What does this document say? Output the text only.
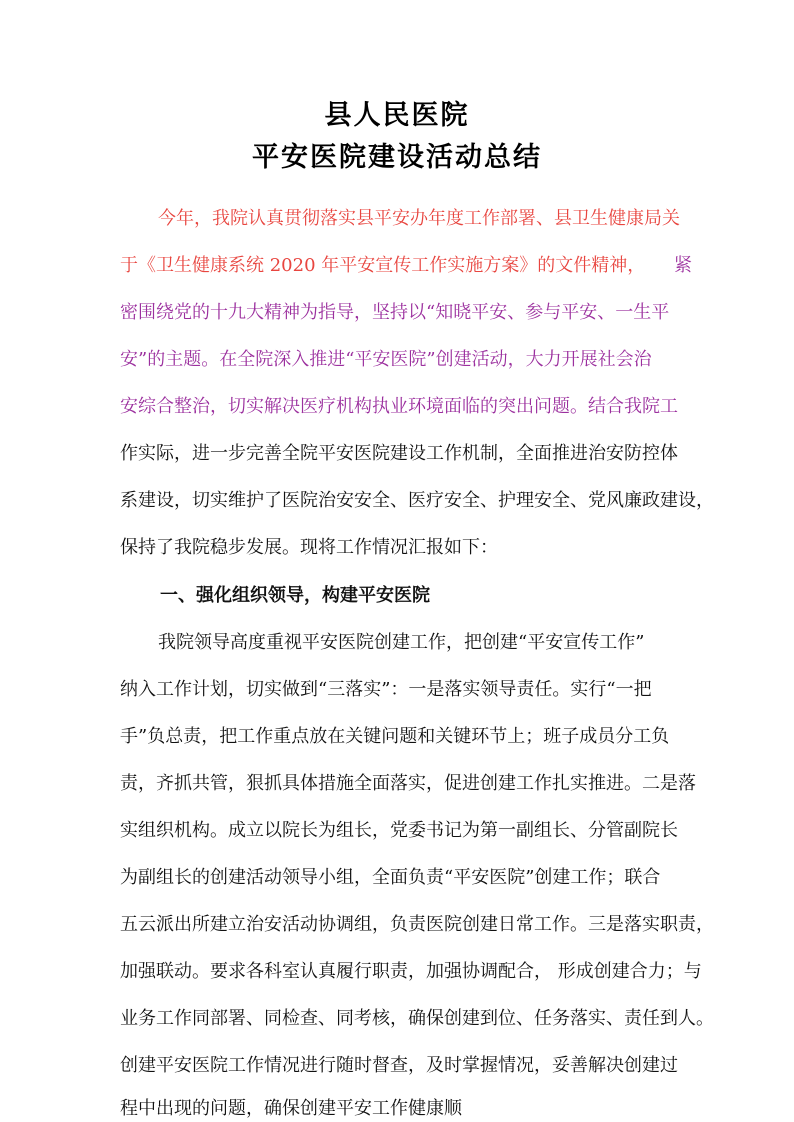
县人民医院
平安医院建设活动总结

今年，我院认真贯彻落实县平安办年度工作部署、县卫生健康局关

于《卫生健康系统 2020 年平安宣传工作实施方案》的文件精神， 紧

密围绕党的十九大精神为指导，坚持以“知晓平安、参与平安、一生平

安”的主题。在全院深入推进“平安医院”创建活动，大力开展社会治

安综合整治，切实解决医疗机构执业环境面临的突出问题。结合我院工

作实际，进一步完善全院平安医院建设工作机制，全面推进治安防控体

系建设，切实维护了医院治安安全、医疗安全、护理安全、党风廉政建设，

保持了我院稳步发展。现将工作情况汇报如下：

一、强化组织领导，构建平安医院

我院领导高度重视平安医院创建工作，把创建“平安宣传工作”

纳入工作计划，切实做到“三落实”：一是落实领导责任。实行“一把

手”负总责，把工作重点放在关键问题和关键环节上；班子成员分工负

责，齐抓共管，狠抓具体措施全面落实，促进创建工作扎实推进。二是落

实组织机构。成立以院长为组长，党委书记为第一副组长、分管副院长

为副组长的创建活动领导小组，全面负责“平安医院”创建工作；联合

五云派出所建立治安活动协调组，负责医院创建日常工作。三是落实职责，

加强联动。要求各科室认真履行职责，加强协调配合， 形成创建合力；与

业务工作同部署、同检查、同考核，确保创建到位、任务落实、责任到人。

创建平安医院工作情况进行随时督查，及时掌握情况，妥善解决创建过

程中出现的问题，确保创建平安工作健康顺
